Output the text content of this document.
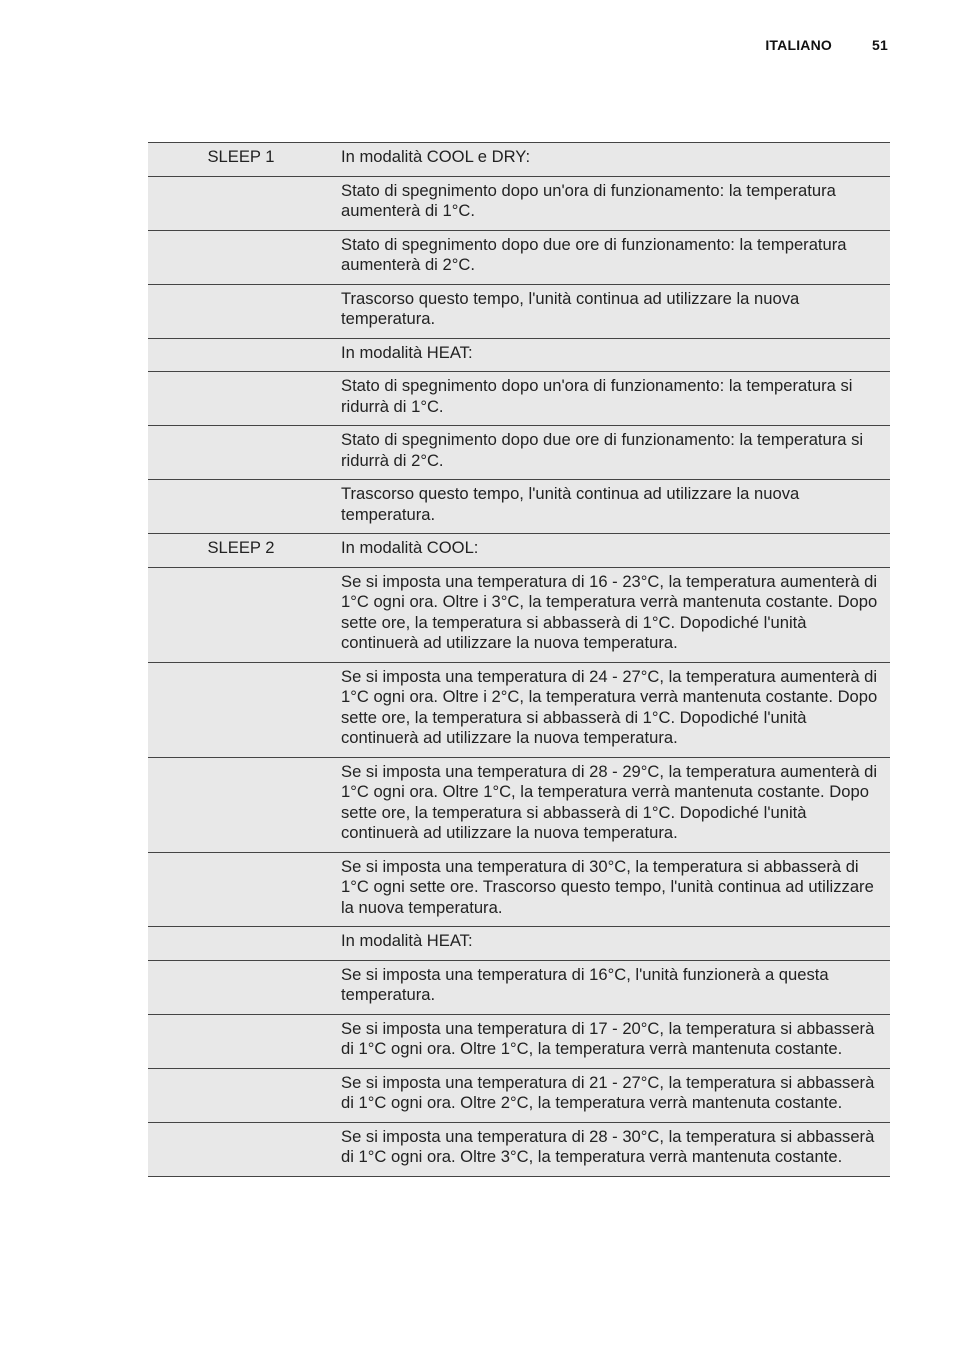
ITALIANO	51
SLEEP 1	In modalità COOL e DRY:
	Stato di spegnimento dopo un'ora di funzionamento: la temperatura aumenterà di 1°C.
	Stato di spegnimento dopo due ore di funzionamento: la temperatura aumenterà di 2°C.
	Trascorso questo tempo, l'unità continua ad utilizzare la nuova temperatura.
	In modalità HEAT:
	Stato di spegnimento dopo un'ora di funzionamento: la temperatura si ridurrà di 1°C.
	Stato di spegnimento dopo due ore di funzionamento: la temperatura si ridurrà di 2°C.
	Trascorso questo tempo, l'unità continua ad utilizzare la nuova temperatura.
SLEEP 2	In modalità COOL:
	Se si imposta una temperatura di 16 - 23°C, la temperatura aumenterà di 1°C ogni ora. Oltre i 3°C, la temperatura verrà mantenuta costante. Dopo sette ore, la temperatura si abbasserà di 1°C. Dopodiché l'unità continuerà ad utilizzare la nuova temperatura.
	Se si imposta una temperatura di 24 - 27°C, la temperatura aumenterà di 1°C ogni ora. Oltre i 2°C, la temperatura verrà mantenuta costante. Dopo sette ore, la temperatura si abbasserà di 1°C. Dopodiché l'unità continuerà ad utilizzare la nuova temperatura.
	Se si imposta una temperatura di 28 - 29°C, la temperatura aumenterà di 1°C ogni ora. Oltre 1°C, la temperatura verrà mantenuta costante. Dopo sette ore, la temperatura si abbasserà di 1°C. Dopodiché l'unità continuerà ad utilizzare la nuova temperatura.
	Se si imposta una temperatura di 30°C, la temperatura si abbasserà di 1°C ogni sette ore. Trascorso questo tempo, l'unità continua ad utilizzare la nuova temperatura.
	In modalità HEAT:
	Se si imposta una temperatura di 16°C, l'unità funzionerà a questa temperatura.
	Se si imposta una temperatura di 17 - 20°C, la temperatura si abbasserà di 1°C ogni ora. Oltre 1°C, la temperatura verrà mantenuta costante.
	Se si imposta una temperatura di 21 - 27°C, la temperatura si abbasserà di 1°C ogni ora. Oltre 2°C, la temperatura verrà mantenuta costante.
	Se si imposta una temperatura di 28 - 30°C, la temperatura si abbasserà di 1°C ogni ora. Oltre 3°C, la temperatura verrà mantenuta costante.
